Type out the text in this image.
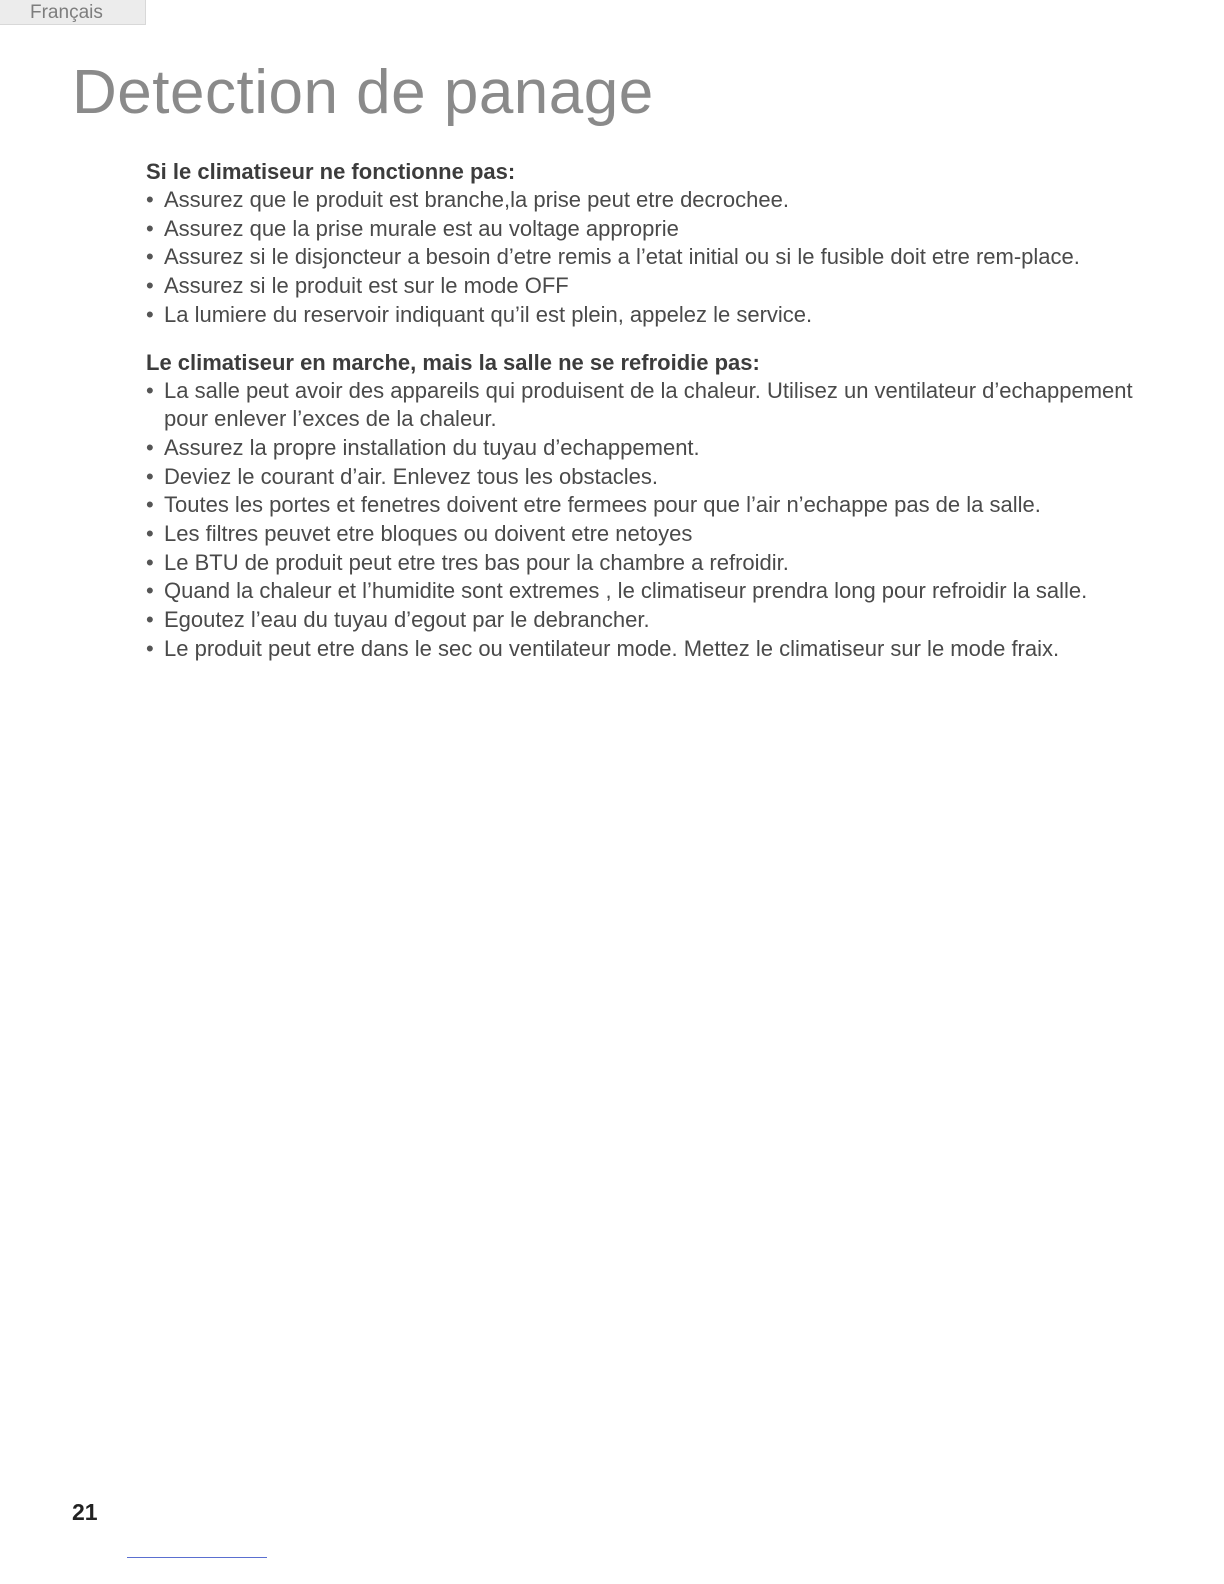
Français
Detection de panage
Si le climatiseur ne fonctionne pas:
• Assurez que le produit est branche,la prise peut etre decrochee.
• Assurez que la prise murale est au voltage approprie
• Assurez si le disjoncteur a besoin d’etre remis a l’etat initial ou si le fusible doit etre rem-place.
• Assurez si le produit est sur le mode OFF
• La lumiere du reservoir indiquant qu’il est plein, appelez le service.
Le climatiseur en marche, mais la salle ne se refroidie pas:
• La salle peut avoir des appareils qui produisent de la chaleur. Utilisez un ventilateur d’echappement pour enlever l’exces de la chaleur.
• Assurez la propre installation du tuyau d’echappement.
• Deviez le courant d’air. Enlevez tous les obstacles.
• Toutes les portes et fenetres doivent etre fermees pour que l’air n’echappe pas de la salle.
• Les filtres peuvet etre bloques ou doivent etre netoyes
• Le BTU de produit peut etre tres bas pour la chambre a refroidir.
• Quand la chaleur et l’humidite sont extremes , le climatiseur prendra long pour refroidir la salle.
• Egoutez l’eau du tuyau d’egout par le debrancher.
• Le produit peut etre dans le sec ou ventilateur mode. Mettez le climatiseur sur le mode fraix.
21
